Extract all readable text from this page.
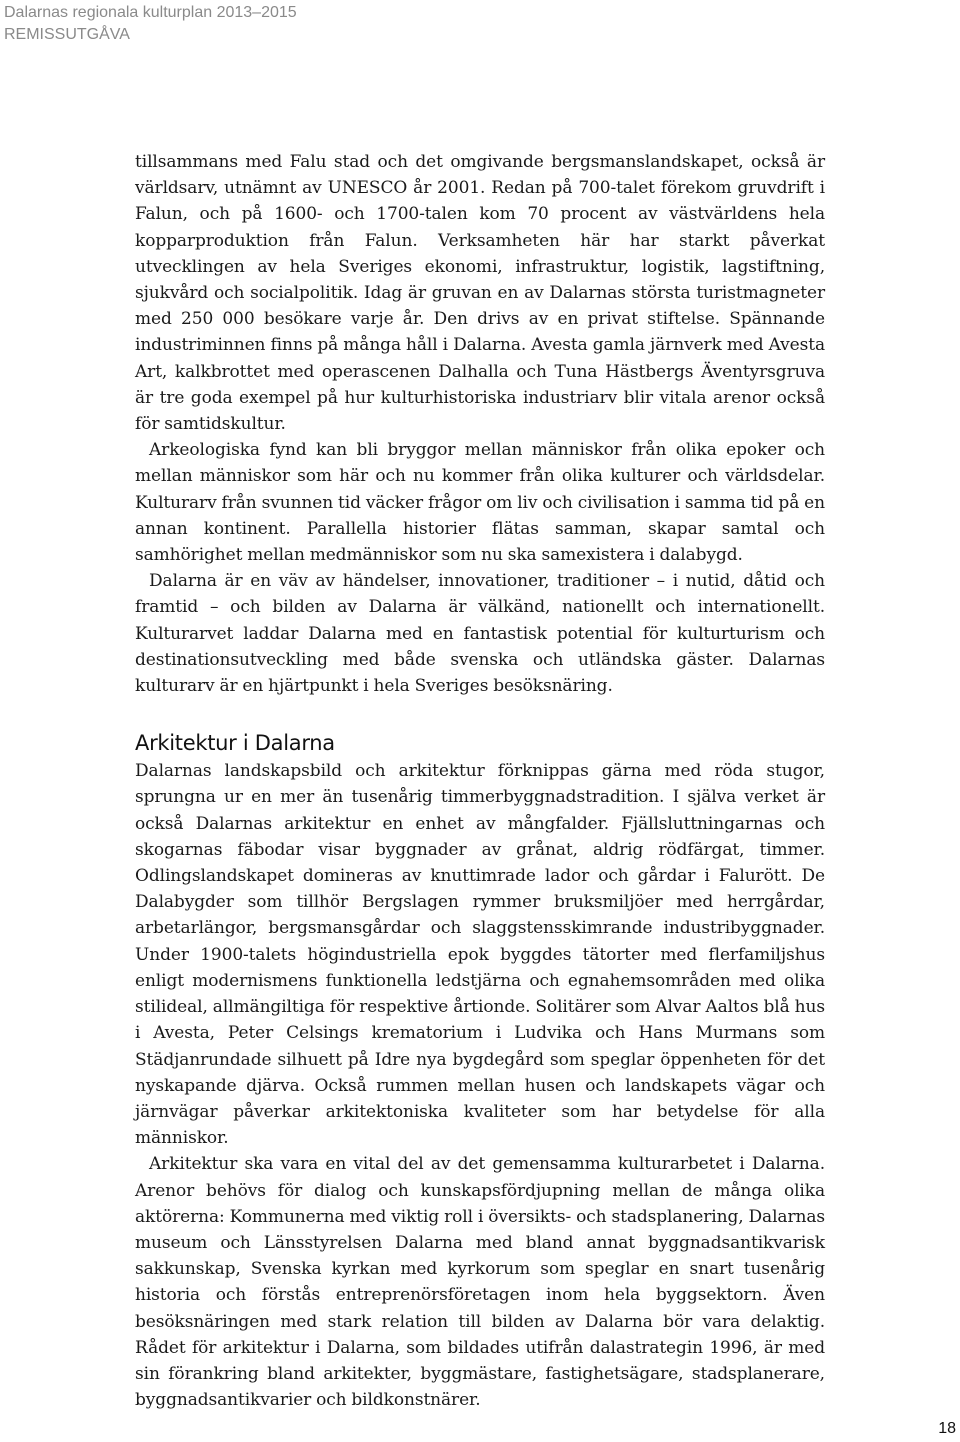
Dalarnas regionala kulturplan 2013–2015
REMISSUTGÅVA

tillsammans med Falu stad och det omgivande bergsmanslandskapet, också är världsarv, utnämnt av UNESCO år 2001. Redan på 700-talet förekom gruvdrift i Falun, och på 1600- och 1700-talen kom 70 procent av västvärldens hela kopparproduktion från Falun. Verksamheten här har starkt påverkat utvecklingen av hela Sveriges ekonomi, infrastruktur, logistik, lagstiftning, sjukvård och socialpolitik. Idag är gruvan en av Dalarnas största turistmagneter med 250 000 besökare varje år. Den drivs av en privat stiftelse. Spännande industriminnen finns på många håll i Dalarna. Avesta gamla järnverk med Avesta Art, kalkbrottet med operascenen Dalhalla och Tuna Hästbergs Äventyrsgruva är tre goda exempel på hur kulturhistoriska industriarv blir vitala arenor också för samtidskultur.

Arkeologiska fynd kan bli bryggor mellan människor från olika epoker och mellan människor som här och nu kommer från olika kulturer och världsdelar. Kulturarv från svunnen tid väcker frågor om liv och civilisation i samma tid på en annan kontinent. Parallella historier flätas samman, skapar samtal och samhörighet mellan medmänniskor som nu ska samexistera i dalabygd.

Dalarna är en väv av händelser, innovationer, traditioner – i nutid, dåtid och framtid – och bilden av Dalarna är välkänd, nationellt och internationellt. Kulturarvet laddar Dalarna med en fantastisk potential för kulturturism och destinationsutveckling med både svenska och utländska gäster. Dalarnas kulturarv är en hjärtpunkt i hela Sveriges besöksnäring.

Arkitektur i Dalarna

Dalarnas landskapsbild och arkitektur förknippas gärna med röda stugor, sprungna ur en mer än tusenårig timmerbyggnadstradition. I själva verket är också Dalarnas arkitektur en enhet av mångfalder. Fjällsluttningarnas och skogarnas fäbodar visar byggnader av grånat, aldrig rödfärgat, timmer. Odlingslandskapet domineras av knuttimrade lador och gårdar i Falurött. De Dalabygder som tillhör Bergslagen rymmer bruksmiljöer med herrgårdar, arbetarlängor, bergsmansgårdar och slaggstensskimrande industribyggnader. Under 1900-talets högindustriella epok byggdes tätorter med flerfamiljshus enligt modernismens funktionella ledstjärna och egnahemsområden med olika stilideal, allmängiltiga för respektive årtionde. Solitärer som Alvar Aaltos blå hus i Avesta, Peter Celsings krematorium i Ludvika och Hans Murmans som Städjanrundade silhuett på Idre nya bygdegård som speglar öppenheten för det nyskapande djärva. Också rummen mellan husen och landskapets vägar och järnvägar påverkar arkitektoniska kvaliteter som har betydelse för alla människor.

Arkitektur ska vara en vital del av det gemensamma kulturarbetet i Dalarna. Arenor behövs för dialog och kunskapsfördjupning mellan de många olika aktörerna: Kommunerna med viktig roll i översikts- och stadsplanering, Dalarnas museum och Länsstyrelsen Dalarna med bland annat byggnadsantikvarisk sakkunskap, Svenska kyrkan med kyrkorum som speglar en snart tusenårig historia och förstås entreprenörsföretagen inom hela byggsektorn. Även besöksnäringen med stark relation till bilden av Dalarna bör vara delaktig. Rådet för arkitektur i Dalarna, som bildades utifrån dalastrategin 1996, är med sin förankring bland arkitekter, byggmästare, fastighetsägare, stadsplanerare, byggnadsantikvarier och bildkonstnärer.

18
